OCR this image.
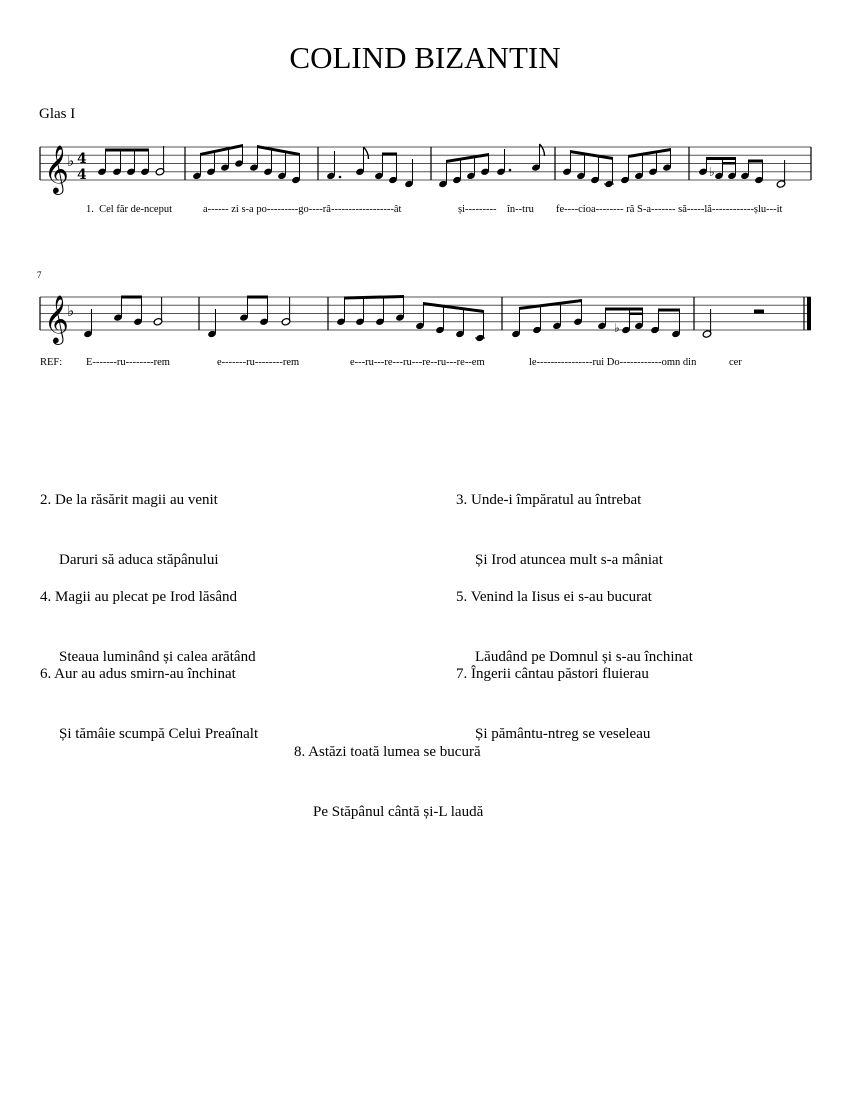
COLIND BIZANTIN
Glas I
𝄞
♭ 4
4	♭
1.  Cel făr de-nceput	a------ zi s-a po---------go----râ------------------ât	și--------- în--tru fe----cioa-------- ră S-a------- să-----lă------------șlu---it
7
𝄞
♭
♭
REF: E-------ru--------rem	e-------ru--------rem	e---ru---re---ru---re--ru---re--em	le----------------rui Do------------omn din	cer

2. De la răsărit magii au venit

Daruri să aduca stăpânului

3. Unde-i împăratul au întrebat

Și Irod atuncea mult s-a mâniat

4. Magii au plecat pe Irod lăsând

Steaua luminând și calea arătând

5. Venind la Iisus ei s-au bucurat

Lăudând pe Domnul și s-au închinat

6. Aur au adus smirn-au închinat

Și tămâie scumpă Celui Preaînalt

7. Îngerii cântau păstori fluierau

Și pământu-ntreg se veseleau

8. Astăzi toată lumea se bucură

Pe Stăpânul cântă și-L laudă
